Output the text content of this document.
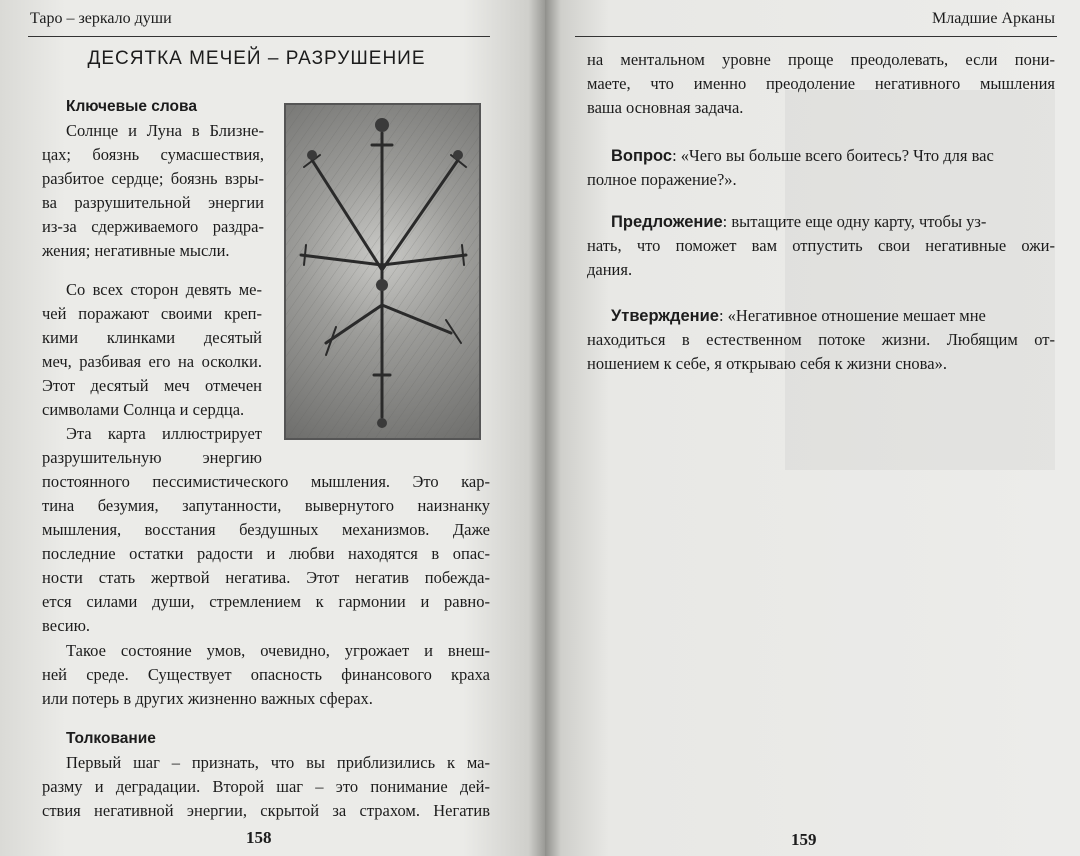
Таро – зеркало души
ДЕСЯТКА МЕЧЕЙ – РАЗРУШЕНИЕ
Ключевые слова
Солнце и Луна в Близне-
цах; боязнь сумасшествия,
разбитое сердце; боязнь взры-
ва разрушительной энергии
из-за сдерживаемого раздра-
жения; негативные мысли.
Со всех сторон девять ме-
чей поражают своими креп-
кими клинками десятый
меч, разбивая его на осколки.
Этот десятый меч отмечен
символами Солнца и сердца.
Эта карта иллюстрирует
разрушительную энергию
постоянного пессимистического мышления. Это кар-
тина безумия, запутанности, вывернутого наизнанку
мышления, восстания бездушных механизмов. Даже
последние остатки радости и любви находятся в опас-
ности стать жертвой негатива. Этот негатив побежда-
ется силами души, стремлением к гармонии и равно-
весию.
Такое состояние умов, очевидно, угрожает и внеш-
ней среде. Существует опасность финансового краха
или потерь в других жизненно важных сферах.
Толкование
Первый шаг – признать, что вы приблизились к ма-
разму и деградации. Второй шаг – это понимание дей-
ствия негативной энергии, скрытой за страхом. Негатив
158
Младшие Арканы
на ментальном уровне проще преодолевать, если пони-
маете, что именно преодоление негативного мышления
ваша основная задача.
Вопрос: «Чего вы больше всего боитесь? Что для вас
полное поражение?».
Предложение: вытащите еще одну карту, чтобы уз-
нать, что поможет вам отпустить свои негативные ожи-
дания.
Утверждение: «Негативное отношение мешает мне
находиться в естественном потоке жизни. Любящим от-
ношением к себе, я открываю себя к жизни снова».
159
